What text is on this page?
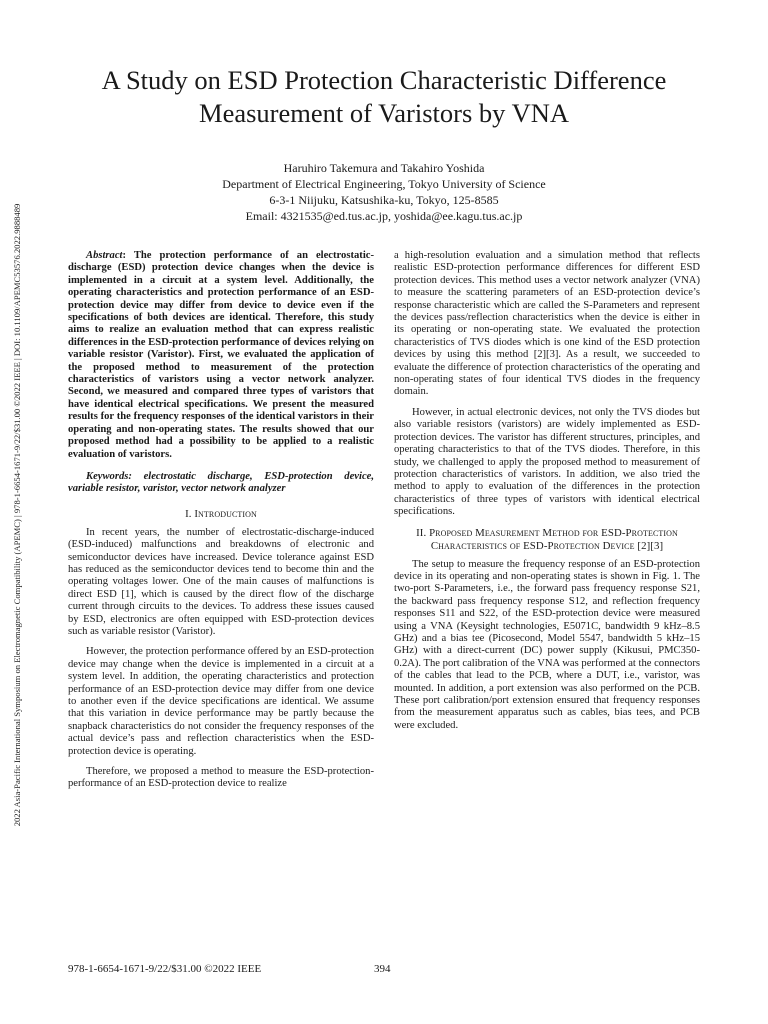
2022 Asia-Pacific International Symposium on Electromagnetic Compatibility (APEMC) | 978-1-6654-1671-9/22/$31.00 ©2022 IEEE | DOI: 10.1109/APEMC53576.2022.9888489
A Study on ESD Protection Characteristic Difference Measurement of Varistors by VNA
Haruhiro Takemura and Takahiro Yoshida
Department of Electrical Engineering, Tokyo University of Science
6-3-1 Niijuku, Katsushika-ku, Tokyo, 125-8585
Email: 4321535@ed.tus.ac.jp, yoshida@ee.kagu.tus.ac.jp

Abstract: The protection performance of an electrostatic-discharge (ESD) protection device changes when the device is implemented in a circuit at a system level. Additionally, the operating characteristics and protection performance of an ESD-protection device may differ from device to device even if the specifications of both devices are identical. Therefore, this study aims to realize an evaluation method that can express realistic differences in the ESD-protection performance of devices relying on variable resistor (Varistor). First, we evaluated the application of the proposed method to measurement of the protection characteristics of varistors using a vector network analyzer. Second, we measured and compared three types of varistors that have identical electrical specifications. We present the measured results for the frequency responses of the identical varistors in their operating and non-operating states. The results showed that our proposed method had a possibility to be applied to a realistic evaluation of varistors.

Keywords: electrostatic discharge, ESD-protection device, variable resistor, varistor, vector network analyzer

I. Introduction

In recent years, the number of electrostatic-discharge-induced (ESD-induced) malfunctions and breakdowns of electronic and semiconductor devices have increased. Device tolerance against ESD has reduced as the semiconductor devices tend to become thin and the operating voltages lower. One of the main causes of malfunctions is direct ESD [1], which is caused by the direct flow of the discharge current through circuits to the devices. To address these issues caused by ESD, electronics are often equipped with ESD-protection devices such as variable resistor (Varistor).

However, the protection performance offered by an ESD-protection device may change when the device is implemented in a circuit at a system level. In addition, the operating characteristics and protection performance of an ESD-protection device may differ from one device to another even if the device specifications are identical. We assume that this variation in device performance may be partly because the snapback characteristics do not consider the frequency responses of the actual device’s pass and reflection characteristics when the ESD-protection device is operating.

Therefore, we proposed a method to measure the ESD-protection-performance of an ESD-protection device to realize

a high-resolution evaluation and a simulation method that reflects realistic ESD-protection performance differences for different ESD protection devices. This method uses a vector network analyzer (VNA) to measure the scattering parameters of an ESD-protection device’s response characteristic which are called the S-Parameters and represent the devices pass/reflection characteristics when the device is either in its operating or non-operating state. We evaluated the protection characteristics of TVS diodes which is one kind of the ESD protection devices by using this method [2][3]. As a result, we succeeded to evaluate the difference of protection characteristics of the operating and non-operating states of four identical TVS diodes in the frequency domain.

However, in actual electronic devices, not only the TVS diodes but also variable resistors (varistors) are widely implemented as ESD-protection devices. The varistor has different structures, principles, and operating characteristics to that of the TVS diodes. Therefore, in this study, we challenged to apply the proposed method to measurement of protection characteristics of varistors. In addition, we also tried the method to apply to evaluation of the differences in the protection characteristics of three types of varistors with identical electrical specifications.

II. Proposed Measurement Method for ESD-Protection Characteristics of ESD-Protection Device [2][3]

The setup to measure the frequency response of an ESD-protection device in its operating and non-operating states is shown in Fig. 1. The two-port S-Parameters, i.e., the forward pass frequency response S21, the backward pass frequency response S12, and reflection frequency responses S11 and S22, of the ESD-protection device were measured using a VNA (Keysight technologies, E5071C, bandwidth 9 kHz–8.5 GHz) and a bias tee (Picosecond, Model 5547, bandwidth 5 kHz–15 GHz) with a direct-current (DC) power supply (Kikusui, PMC350-0.2A). The port calibration of the VNA was performed at the connectors of the cables that lead to the PCB, where a DUT, i.e., varistor, was mounted. In addition, a port extension was also performed on the PCB. These port calibration/port extension ensured that frequency responses from the measurement apparatus such as cables, bias tees, and PCB were excluded.

978-1-6654-1671-9/22/$31.00 ©2022 IEEE	394
